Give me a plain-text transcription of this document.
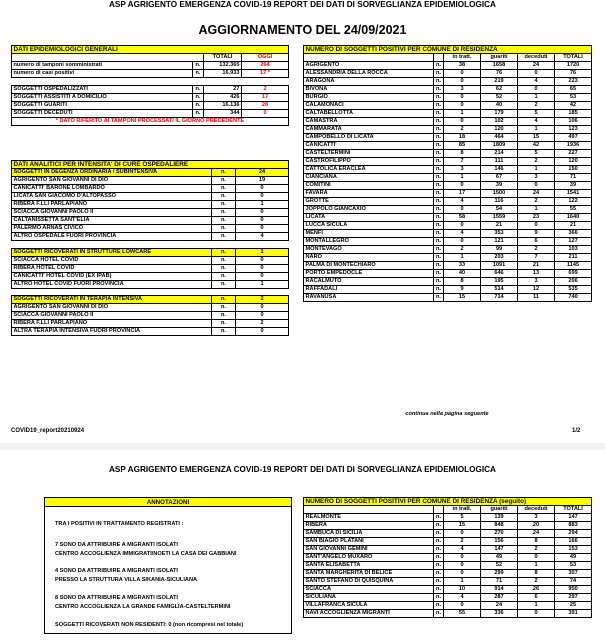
ASP AGRIGENTO EMERGENZA COVID-19 REPORT DEI DATI DI SORVEGLIANZA EPIDEMIOLOGICA
AGGIORNAMENTO DEL 24/09/2021
DATI EPIDEMIOLOGICI GENERALI			
		TOTALI	OGGI
numero di tamponi somministrati	n.	132.365	264
numero di casi positivi	n.	16.933	17 *

SOGGETTI OSPEDALIZZATI	n.	27	2
SOGGETTI ASSISTITI A DOMICILIO	n.	426	17
SOGGETTI GUARITI	n.	16.136	28
SOGGETTI DECEDUTI	n.	344	0
* DATO RIFERITO AI TAMPONI PROCESSATI IL GIORNO PRECEDENTE			
DATI ANALITICI PER INTENSITA' DI CURE OSPEDALIERE		
SOGGETTI IN DEGENZA ORDINARIA / SUBINTENSIVA	n.	24
AGRIGENTO SAN GIOVANNI DI DIO	n.	19
CANICATTI' BARONE LOMBARDO	n.	0
LICATA SAN GIACOMO D'ALTOPASSO	n.	0
RIBERA F.LLI PARLAPIANO	n.	1
SCIACCA GIOVANNI PAOLO II	n.	0
CALTANISSETTA SANT'ELIA	n.	0
PALERMO ARNAS CIVICO	n.	0
ALTRO OSPEDALE FUORI PROVINCIA	n.	4

SOGGETTI RICOVERATI IN STRUTTURE LOWCARE	n.	1
SCIACCA HOTEL COVID	n.	0
RIBERA HOTEL COVID	n.	0
CANICATTI' HOTEL COVID (EX IPAB)	n.	0
ALTRO HOTEL COVID FUORI PROVINCIA	n.	1

SOGGETTI RICOVERATI IN TERAPIA INTENSIVA	n.	2
AGRIGENTO SAN GIOVANNI DI DIO	n.	0
SCIACCA GIOVANNI PAOLO II	n.	0
RIBERA F.LLI PARLAPIANO	n.	2
ALTRA TERAPIA INTENSIVA FUORI PROVINCIA	n.	0
NUMERO DI SOGGETTI POSITIVI PER COMUNE DI RESIDENZA					
		in tratt.	guariti	deceduti	TOTALI
AGRIGENTO	n.	38	1658	24	1720
ALESSANDRIA DELLA ROCCA	n.	0	76	0	76
ARAGONA	n.	0	219	4	223
BIVONA	n.	3	62	0	65
BURGIO	n.	0	52	1	53
CALAMONACI	n.	0	40	2	42
CALTABELLOTTA	n.	1	179	5	185
CAMASTRA	n.	0	102	4	106
CAMMARATA	n.	2	120	1	123
CAMPOBELLO DI LICATA	n.	18	464	15	497
CANICATTI'	n.	85	1809	42	1936
CASTELTERMINI	n.	8	214	5	227
CASTROFILIPPO	n.	7	111	2	120
CATTOLICA ERACLEA	n.	3	146	1	150
CIANCIANA	n.	1	67	3	71
COMITINI	n.	0	39	0	39
FAVARA	n.	17	1500	24	1541
GROTTE	n.	4	116	2	122
JOPPOLO GIANCAXIO	n.	0	54	1	55
LICATA	n.	58	1559	23	1640
LUCCA SICULA	n.	0	21	0	21
MENFI	n.	4	353	9	366
MONTALLEGRO	n.	0	121	6	127
MONTEVAGO	n.	2	99	2	103
NARO	n.	1	203	7	211
PALMA DI MONTECHIARO	n.	33	1091	21	1145
PORTO EMPEDOCLE	n.	40	646	13	699
RACALMUTO	n.	8	195	3	206
RAFFADALI	n.	9	514	12	535
RAVANUSA	n.	15	714	11	740
continua nella pagina seguente
COVID19_report20210924	1/2
ASP AGRIGENTO EMERGENZA COVID-19 REPORT DEI DATI DI SORVEGLIANZA EPIDEMIOLOGICA
ANNOTAZIONI
TRA I POSITIVI IN TRATTAMENTO REGISTRATI :
7 SONO DA ATTRIBUIRE A MIGRANTI ISOLATI
CENTRO ACCOGLIENZA IMMIGRATI/NOETI LA CASA DEI GABBIANI
4 SONO DA ATTRIBUIRE A MIGRANTI ISOLATI
PRESSO LA STRUTTURA VILLA SIKANIA-SICULIANA
8 SONO DA ATTRIBUIRE A MIGRANTI ISOLATI
CENTRO ACCOGLIENZA LA GRANDE FAMIGLIA-CASTELTERMINI
SOGGETTI RICOVERATI NON RESIDENTI: 0 (non ricompresi nel totale)
NUMERO DI SOGGETTI POSITIVI PER COMUNE DI RESIDENZA (seguito)					
		in tratt.	guariti	deceduti	TOTALI
REALMONTE	n.	5	139	3	147
RIBERA	n.	15	848	20	883
SAMBUCA DI SICILIA	n.	0	270	24	294
SAN BIAGIO PLATANI	n.	2	156	8	166
SAN GIOVANNI GEMINI	n.	4	147	2	153
SANT'ANGELO MUXARO	n.	0	49	0	49
SANTA ELISABETTA	n.	0	52	1	53
SANTA MARGHERITA DI BELICE	n.	0	299	8	307
SANTO STEFANO DI QUISQUINA	n.	1	71	2	74
SCIACCA	n.	10	914	26	950
SICULIANA	n.	4	287	6	297
VILLAFRANCA SICULA	n.	0	24	1	25
NAVI ACCOGLIENZA MIGRANTI	n.	55	336	0	391
